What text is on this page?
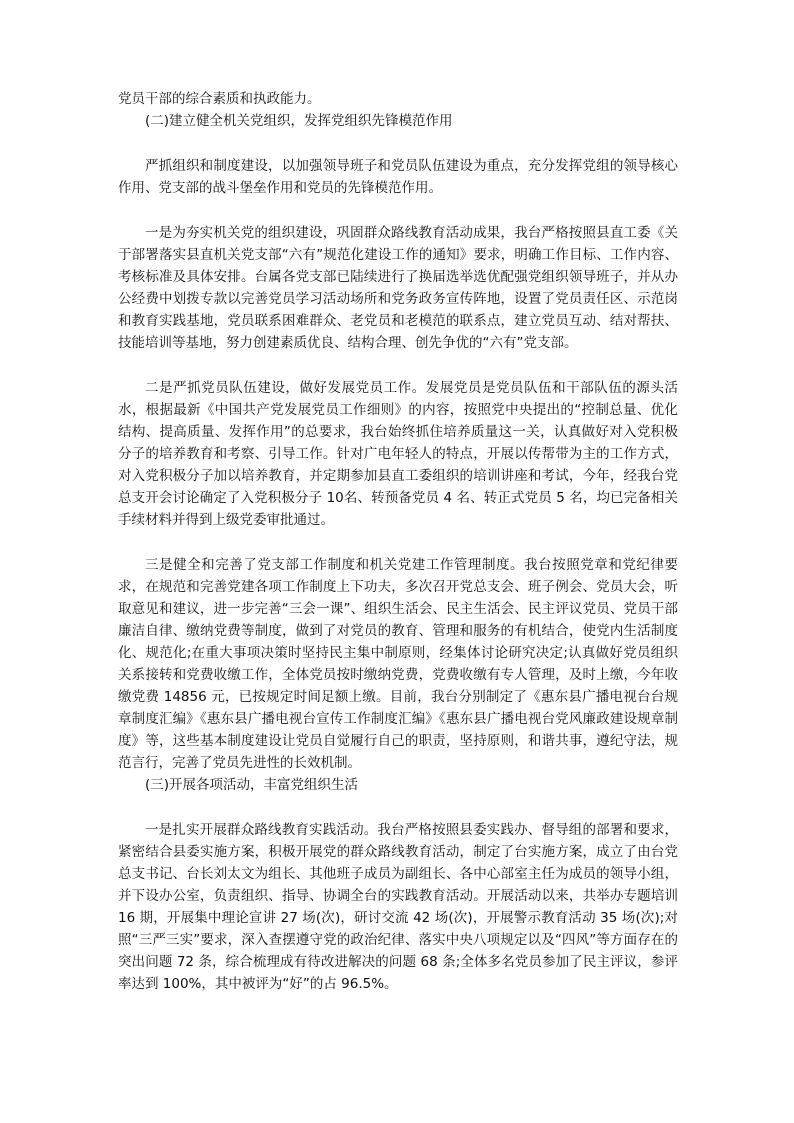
党员干部的综合素质和执政能力。

(二)建立健全机关党组织，发挥党组织先锋模范作用

严抓组织和制度建设，以加强领导班子和党员队伍建设为重点，充分发挥党组的领导核心作用、党支部的战斗堡垒作用和党员的先锋模范作用。

一是为夯实机关党的组织建设，巩固群众路线教育活动成果，我台严格按照县直工委《关于部署落实县直机关党支部“六有”规范化建设工作的通知》要求，明确工作目标、工作内容、考核标准及具体安排。台属各党支部已陆续进行了换届选举选优配强党组织领导班子，并从办公经费中划拨专款以完善党员学习活动场所和党务政务宣传阵地，设置了党员责任区、示范岗和教育实践基地，党员联系困难群众、老党员和老模范的联系点，建立党员互动、结对帮扶、技能培训等基地，努力创建素质优良、结构合理、创先争优的“六有”党支部。

二是严抓党员队伍建设，做好发展党员工作。发展党员是党员队伍和干部队伍的源头活水，根据最新《中国共产党发展党员工作细则》的内容，按照党中央提出的“控制总量、优化结构、提高质量、发挥作用”的总要求，我台始终抓住培养质量这一关，认真做好对入党积极分子的培养教育和考察、引导工作。针对广电年轻人的特点，开展以传帮带为主的工作方式，对入党积极分子加以培养教育，并定期参加县直工委组织的培训讲座和考试，今年，经我台党总支开会讨论确定了入党积极分子 10名、转预备党员 4 名、转正式党员 5 名，均已完备相关手续材料并得到上级党委审批通过。

三是健全和完善了党支部工作制度和机关党建工作管理制度。我台按照党章和党纪律要求，在规范和完善党建各项工作制度上下功夫，多次召开党总支会、班子例会、党员大会，听取意见和建议，进一步完善“三会一课”、组织生活会、民主生活会、民主评议党员、党员干部廉洁自律、缴纳党费等制度，做到了对党员的教育、管理和服务的有机结合，使党内生活制度化、规范化;在重大事项决策时坚持民主集中制原则，经集体讨论研究决定;认真做好党员组织关系接转和党费收缴工作，全体党员按时缴纳党费，党费收缴有专人管理，及时上缴，今年收缴党费 14856 元，已按规定时间足额上缴。目前，我台分别制定了《惠东县广播电视台台规章制度汇编》《惠东县广播电视台宣传工作制度汇编》《惠东县广播电视台党风廉政建设规章制度》等，这些基本制度建设让党员自觉履行自己的职责，坚持原则，和谐共事，遵纪守法，规范言行，完善了党员先进性的长效机制。

(三)开展各项活动，丰富党组织生活

一是扎实开展群众路线教育实践活动。我台严格按照县委实践办、督导组的部署和要求，紧密结合县委实施方案，积极开展党的群众路线教育活动，制定了台实施方案，成立了由台党总支书记、台长刘太文为组长、其他班子成员为副组长、各中心部室主任为成员的领导小组，并下设办公室，负责组织、指导、协调全台的实践教育活动。开展活动以来，共举办专题培训 16 期，开展集中理论宣讲 27 场(次)，研讨交流 42 场(次)，开展警示教育活动 35 场(次);对照“三严三实”要求，深入查摆遵守党的政治纪律、落实中央八项规定以及“四风”等方面存在的突出问题 72 条，综合梳理成有待改进解决的问题 68 条;全体多名党员参加了民主评议，参评率达到 100%，其中被评为“好”的占 96.5%。
